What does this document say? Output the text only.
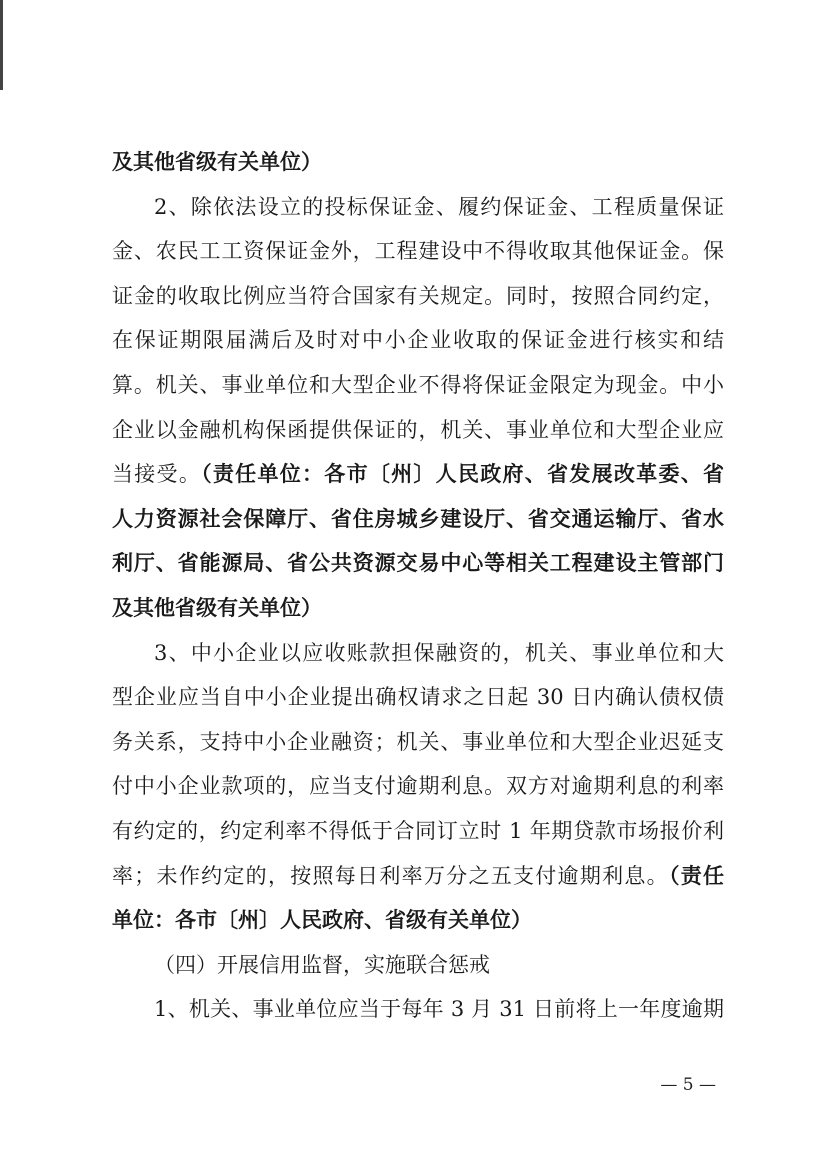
及其他省级有关单位）
2、除依法设立的投标保证金、履约保证金、工程质量保证
金、农民工工资保证金外，工程建设中不得收取其他保证金。保
证金的收取比例应当符合国家有关规定。同时，按照合同约定，
在保证期限届满后及时对中小企业收取的保证金进行核实和结
算。机关、事业单位和大型企业不得将保证金限定为现金。中小
企业以金融机构保函提供保证的，机关、事业单位和大型企业应
当接受。（责任单位：各市〔州〕人民政府、省发展改革委、省
人力资源社会保障厅、省住房城乡建设厅、省交通运输厅、省水
利厅、省能源局、省公共资源交易中心等相关工程建设主管部门
及其他省级有关单位）
3、中小企业以应收账款担保融资的，机关、事业单位和大
型企业应当自中小企业提出确权请求之日起 30 日内确认债权债
务关系，支持中小企业融资；机关、事业单位和大型企业迟延支
付中小企业款项的，应当支付逾期利息。双方对逾期利息的利率
有约定的，约定利率不得低于合同订立时 1 年期贷款市场报价利
率；未作约定的，按照每日利率万分之五支付逾期利息。（责任
单位：各市〔州〕人民政府、省级有关单位）
（四）开展信用监督，实施联合惩戒
1、机关、事业单位应当于每年 3 月 31 日前将上一年度逾期
— 5 —
